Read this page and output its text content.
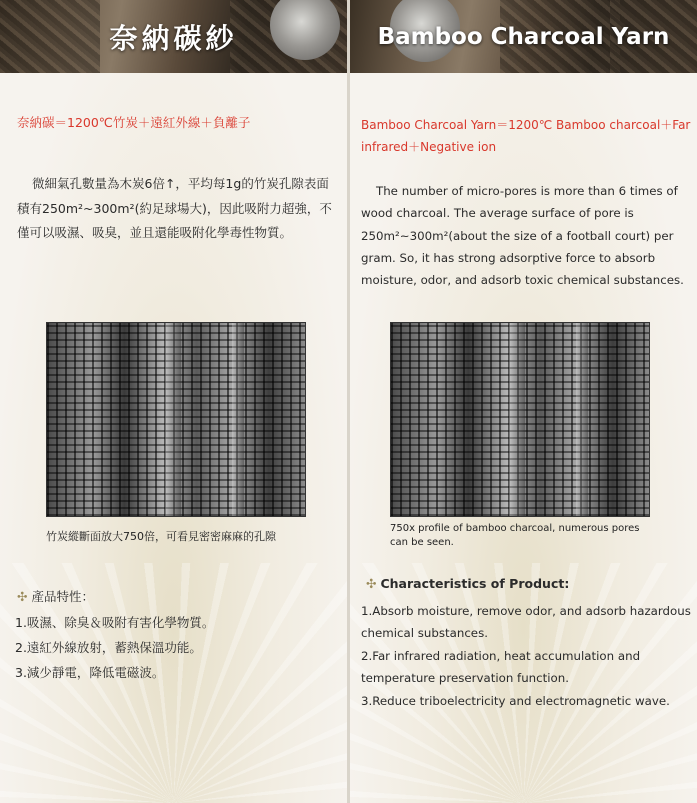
奈納碳紗
奈納碳＝1200℃竹炭＋遠紅外線＋負離子
微細氣孔數量為木炭6倍↑，平均每1g的竹炭孔隙表面積有250m²~300m²(約足球場大)，因此吸附力超強，不僅可以吸濕、吸臭，並且還能吸附化學毒性物質。
竹炭縱斷面放大750倍，可看見密密麻麻的孔隙
✣ 產品特性：
1.吸濕、除臭＆吸附有害化學物質。
2.遠紅外線放射，蓄熱保溫功能。
3.減少靜電，降低電磁波。
Bamboo Charcoal Yarn
Bamboo Charcoal Yarn＝1200℃ Bamboo charcoal＋Far infrared＋Negative ion
The number of micro-pores is more than 6 times of wood charcoal. The average surface of pore is 250m²~300m²(about the size of a football court) per gram. So, it has strong adsorptive force to absorb moisture, odor, and adsorb toxic chemical substances.
750x profile of bamboo charcoal, numerous pores can be seen.
✣ Characteristics of Product:
1.Absorb moisture, remove odor, and adsorb hazardous chemical substances.
2.Far infrared radiation, heat accumulation and temperature preservation function.
3.Reduce triboelectricity and electromagnetic wave.
